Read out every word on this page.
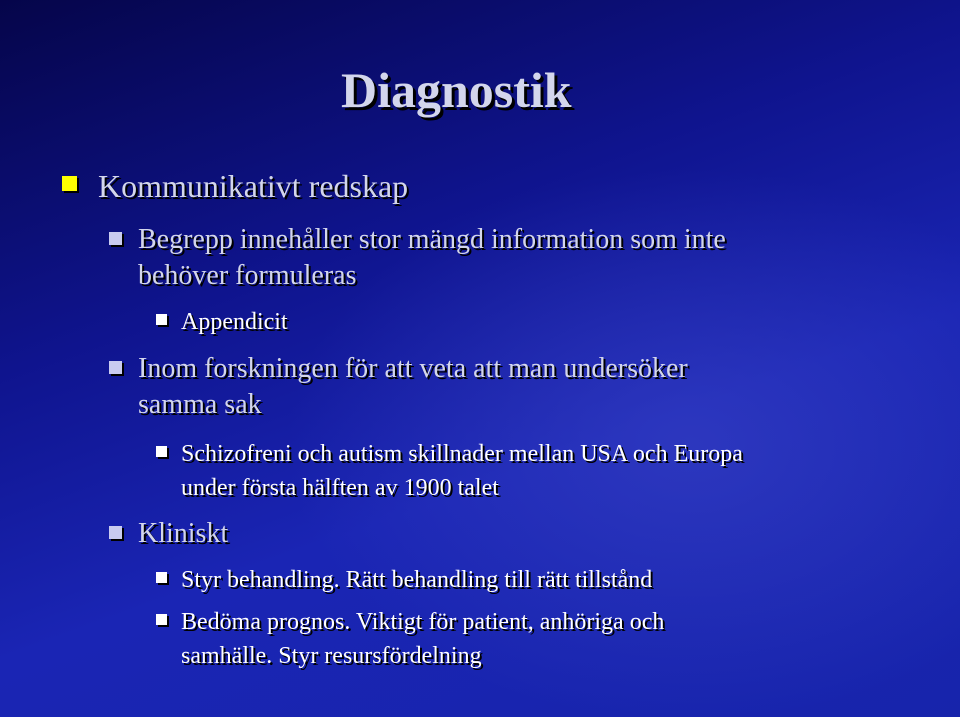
Diagnostik
Kommunikativt redskap
Begrepp innehåller stor mängd information som inte
behöver formuleras
Appendicit
Inom forskningen för att veta att man undersöker
samma sak
Schizofreni och autism skillnader mellan USA och Europa
under första hälften av 1900 talet
Kliniskt
Styr behandling. Rätt behandling till rätt tillstånd
Bedöma prognos. Viktigt för patient, anhöriga och
samhälle. Styr resursfördelning
